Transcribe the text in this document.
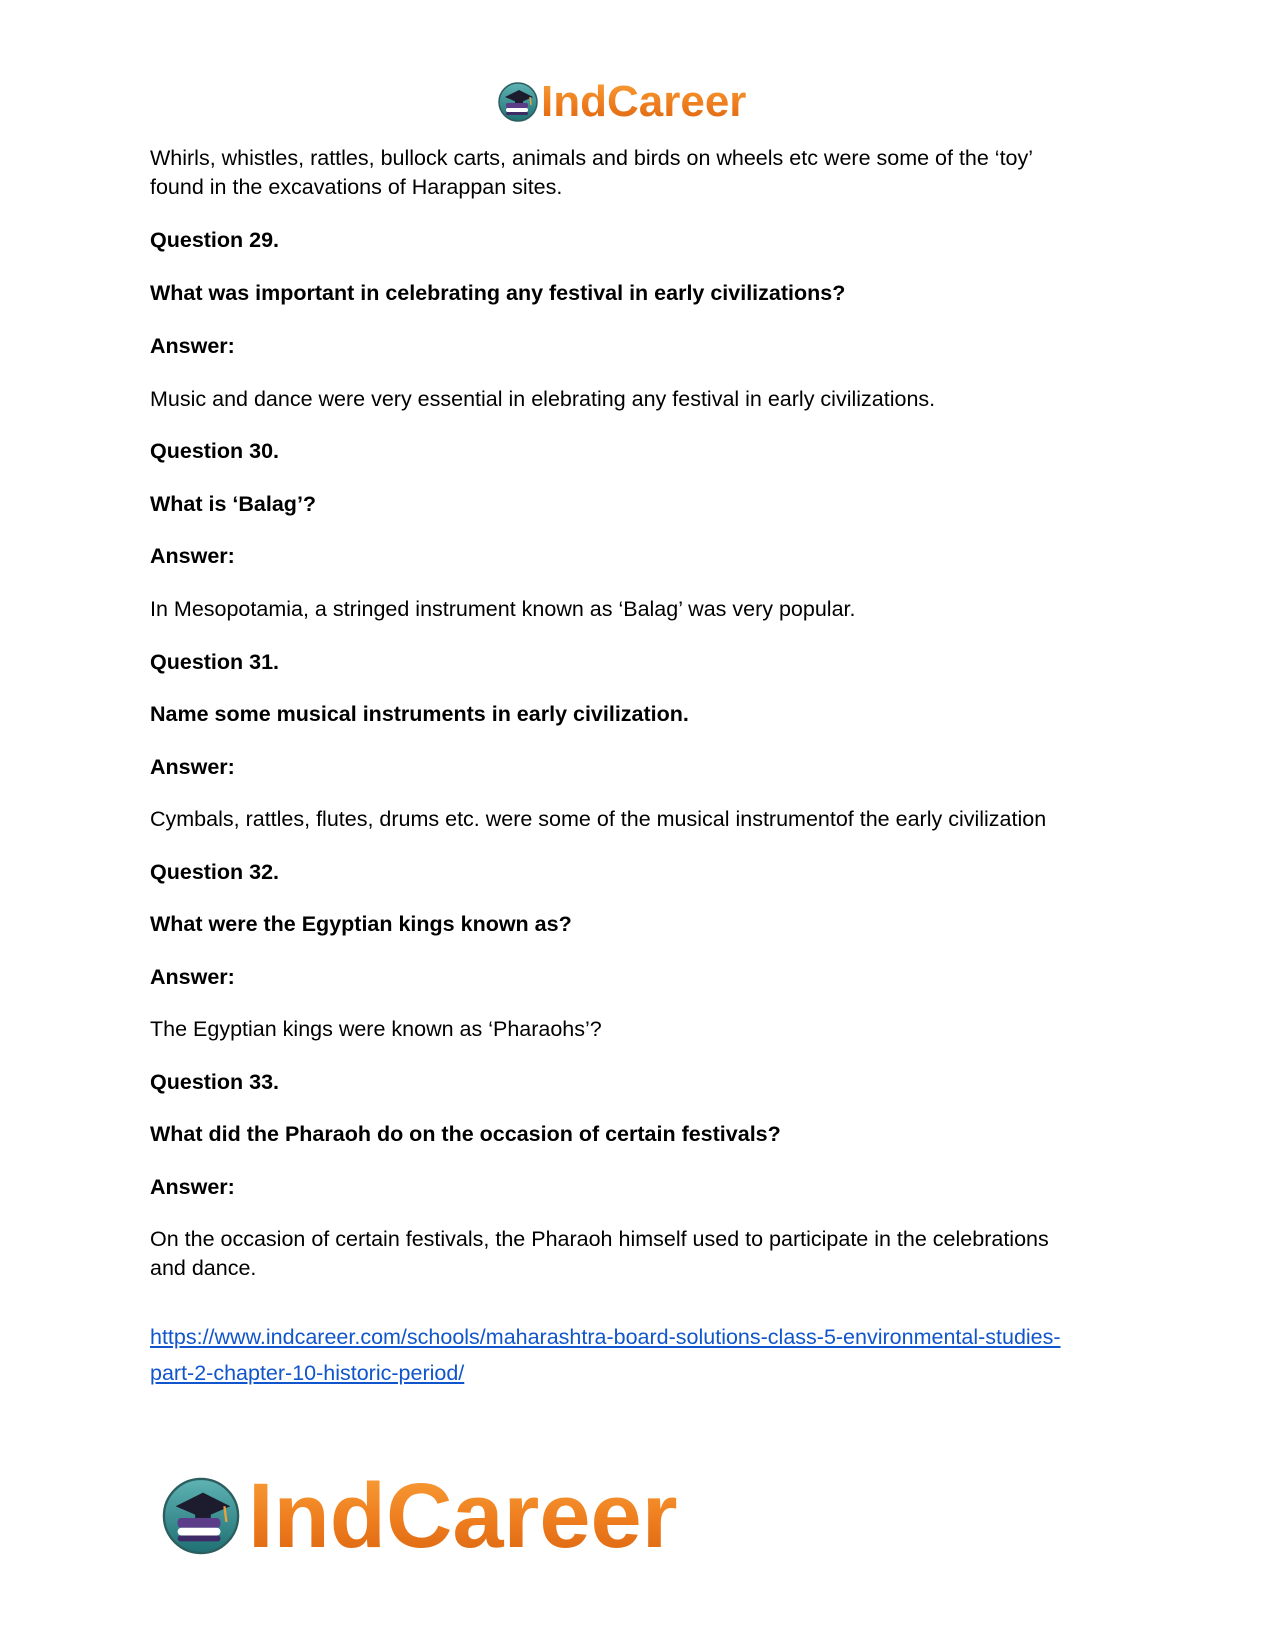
IndCareer
Whirls, whistles, rattles, bullock carts, animals and birds on wheels etc were some of the ‘toy’
found in the excavations of Harappan sites.
Question 29.
What was important in celebrating any festival in early civilizations?
Answer:
Music and dance were very essential in elebrating any festival in early civilizations.
Question 30.
What is ‘Balag’?
Answer:
In Mesopotamia, a stringed instrument known as ‘Balag’ was very popular.
Question 31.
Name some musical instruments in early civilization.
Answer:
Cymbals, rattles, flutes, drums etc. were some of the musical instrumentof the early civilization
Question 32.
What were the Egyptian kings known as?
Answer:
The Egyptian kings were known as ‘Pharaohs’?
Question 33.
What did the Pharaoh do on the occasion of certain festivals?
Answer:
On the occasion of certain festivals, the Pharaoh himself used to participate in the celebrations
and dance.
https://www.indcareer.com/schools/maharashtra-board-solutions-class-5-environmental-studies-
part-2-chapter-10-historic-period/
IndCareer
